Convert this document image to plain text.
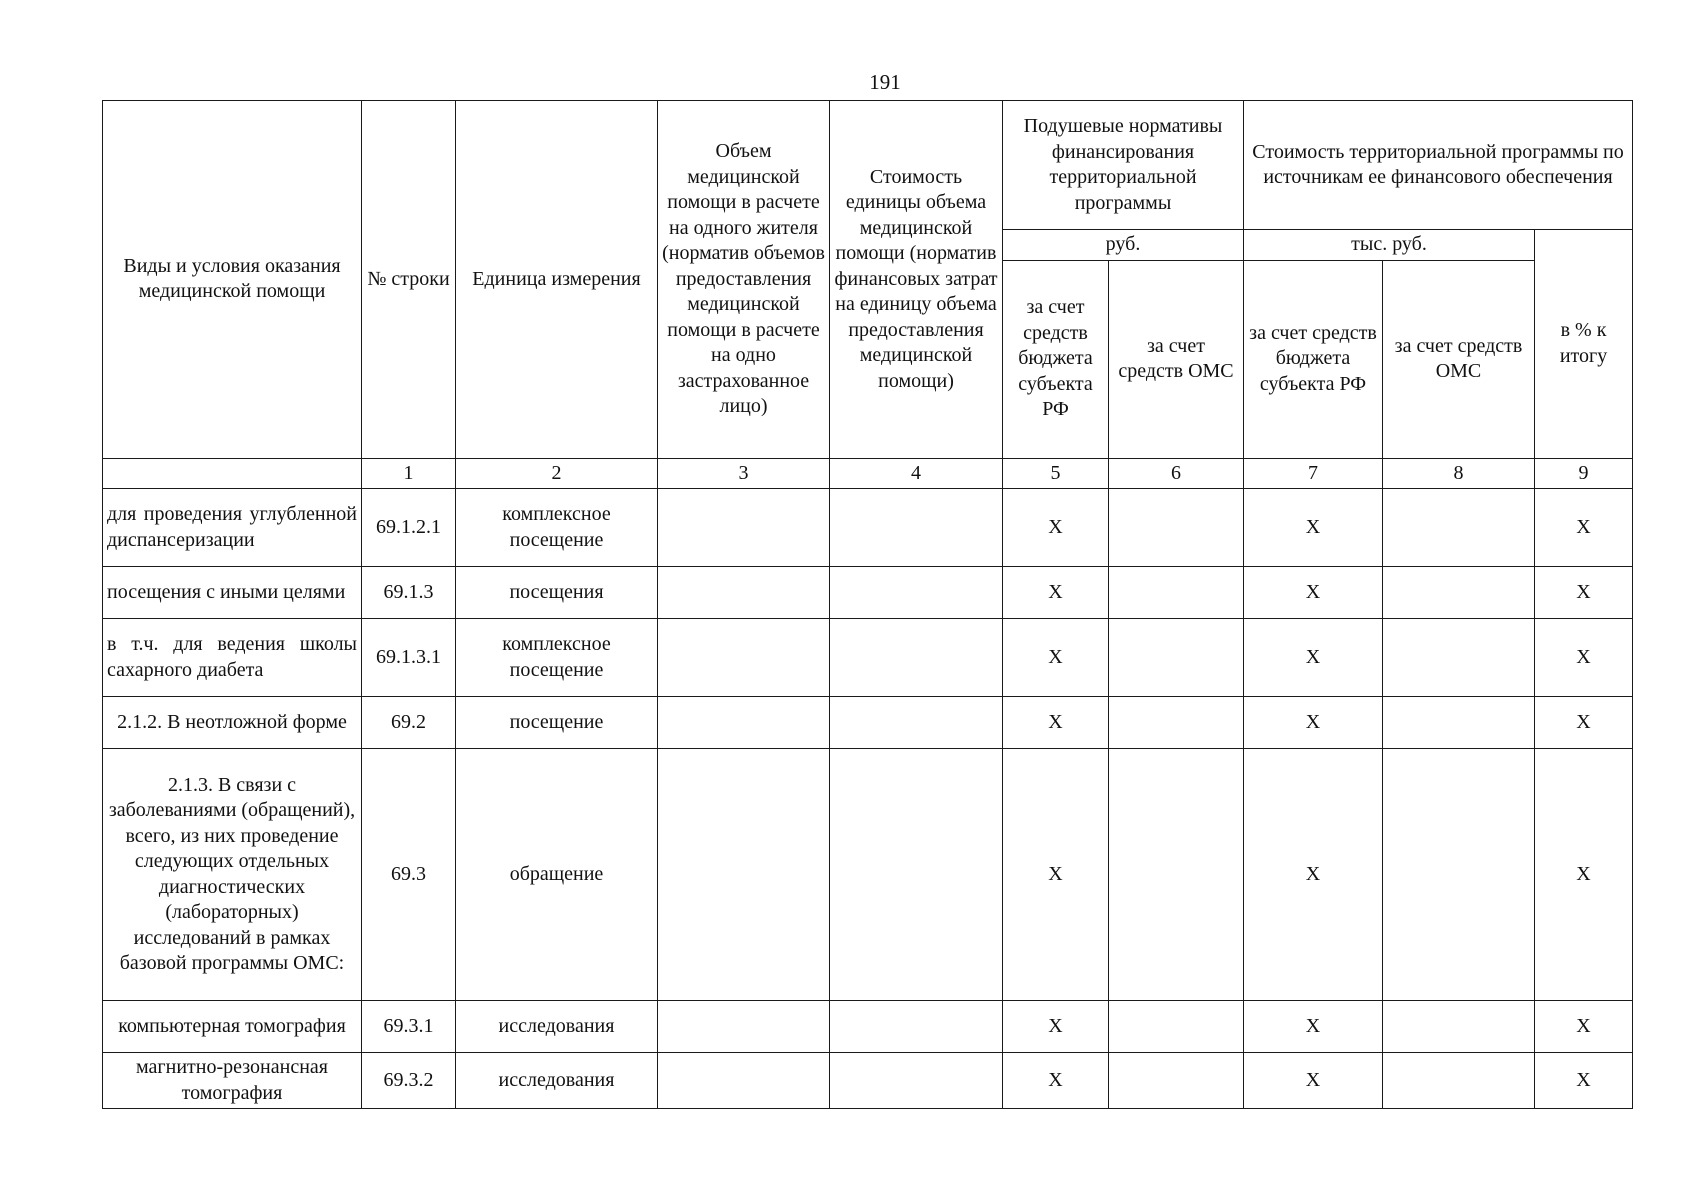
191
Виды и условия оказания медицинской помощи	№ строки	Единица измерения	Объем медицинской помощи в расчете на одного жителя (норматив объемов предоставления медицинской помощи в расчете на одно застрахованное лицо)	Стоимость единицы объема медицинской помощи (норматив финансовых затрат на единицу объема предоставления медицинской помощи)	Подушевые нормативы финансирования территориальной программы		Стоимость территориальной программы по источникам ее финансового обеспечения		
					руб.		тыс. руб.		в % к итогу
					за счет средств бюджета субъекта РФ	за счет средств ОМС	за счет средств бюджета субъекта РФ	за счет средств ОМС	
	1	2	3	4	5	6	7	8	9
для проведения углубленной диспансеризации	69.1.2.1	комплексное посещение			Х		Х		Х
посещения с иными целями	69.1.3	посещения			Х		Х		Х
в т.ч. для ведения школы сахарного диабета	69.1.3.1	комплексное посещение			Х		Х		Х
2.1.2. В неотложной форме	69.2	посещение			Х		Х		Х
2.1.3. В связи с заболеваниями (обращений), всего, из них проведение следующих отдельных диагностических (лабораторных) исследований в рамках базовой программы ОМС:	69.3	обращение			Х		Х		Х
компьютерная томография	69.3.1	исследования			Х		Х		Х
магнитно-резонансная томография	69.3.2	исследования			Х		Х		Х
